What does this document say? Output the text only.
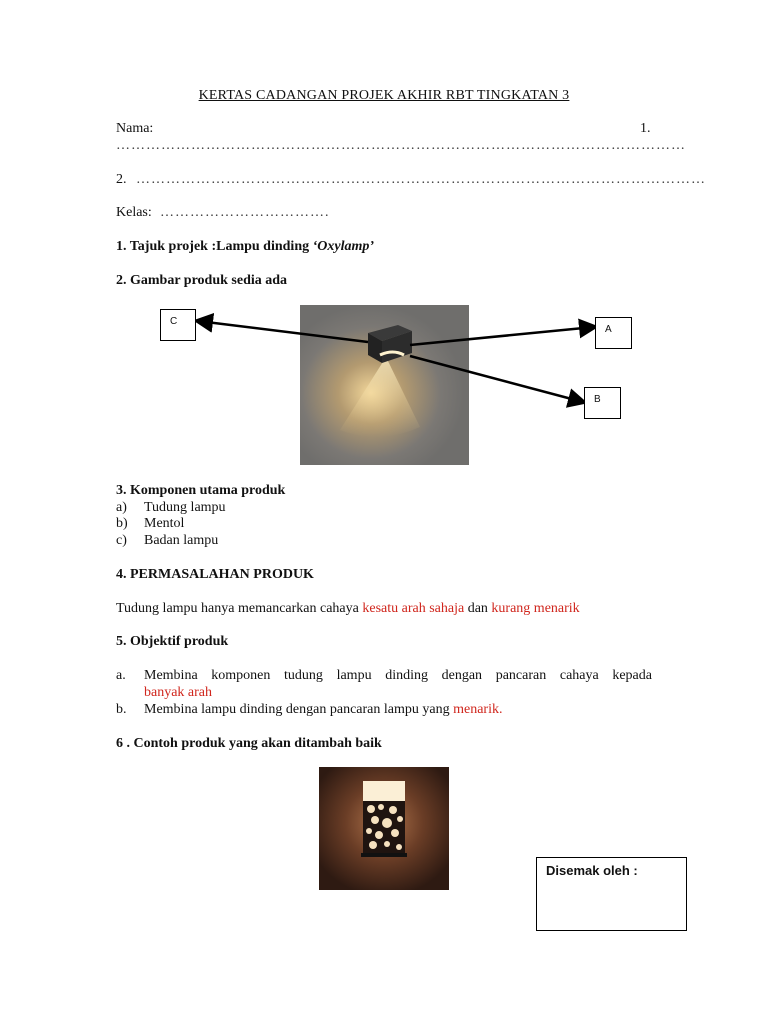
KERTAS CADANGAN PROJEK AKHIR RBT TINGKATAN 3
Nama:	1.
……………………………………………………………………………………………………
2. ……………………………………………………………………………………………………
Kelas: …………………………….
1. Tajuk projek :Lampu dinding ‘Oxylamp’
2. Gambar produk sedia ada
C
A
B
3. Komponen utama produk
a) Tudung lampu
b) Mentol
c) Badan lampu
4. PERMASALAHAN PRODUK
Tudung lampu hanya memancarkan cahaya kesatu arah sahaja dan kurang menarik
5. Objektif produk
a. Membina komponen tudung lampu dinding dengan pancaran cahaya kepada
banyak arah
b. Membina lampu dinding dengan pancaran lampu yang menarik.
6 . Contoh produk yang akan ditambah baik
Disemak oleh :
